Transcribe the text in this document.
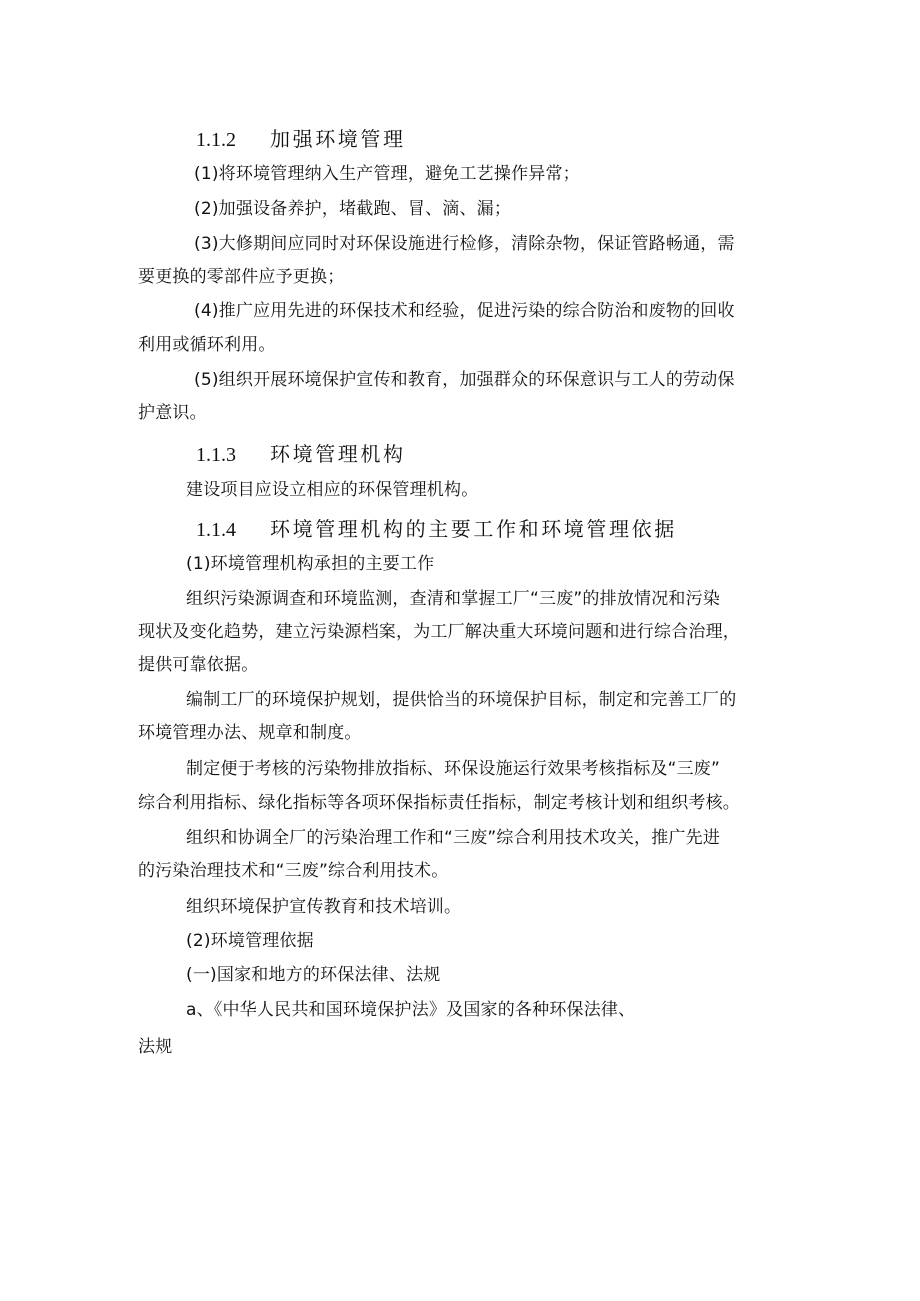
1.1.2 加强环境管理
(1)将环境管理纳入生产管理，避免工艺操作异常；
(2)加强设备养护，堵截跑、冒、滴、漏；
(3)大修期间应同时对环保设施进行检修，清除杂物，保证管路畅通，需
要更换的零部件应予更换；
(4)推广应用先进的环保技术和经验，促进污染的综合防治和废物的回收
利用或循环利用。
(5)组织开展环境保护宣传和教育，加强群众的环保意识与工人的劳动保
护意识。
1.1.3 环境管理机构
建设项目应设立相应的环保管理机构。
1.1.4 环境管理机构的主要工作和环境管理依据
(1)环境管理机构承担的主要工作
组织污染源调查和环境监测，查清和掌握工厂“三废”的排放情况和污染
现状及变化趋势，建立污染源档案，为工厂解决重大环境问题和进行综合治理，
提供可靠依据。
编制工厂的环境保护规划，提供恰当的环境保护目标，制定和完善工厂的
环境管理办法、规章和制度。
制定便于考核的污染物排放指标、环保设施运行效果考核指标及“三废”
综合利用指标、绿化指标等各项环保指标责任指标，制定考核计划和组织考核。
组织和协调全厂的污染治理工作和“三废”综合利用技术攻关，推广先进
的污染治理技术和“三废”综合利用技术。
组织环境保护宣传教育和技术培训。
(2)环境管理依据
(一)国家和地方的环保法律、法规
a、《中华人民共和国环境保护法》及国家的各种环保法律、
法规
